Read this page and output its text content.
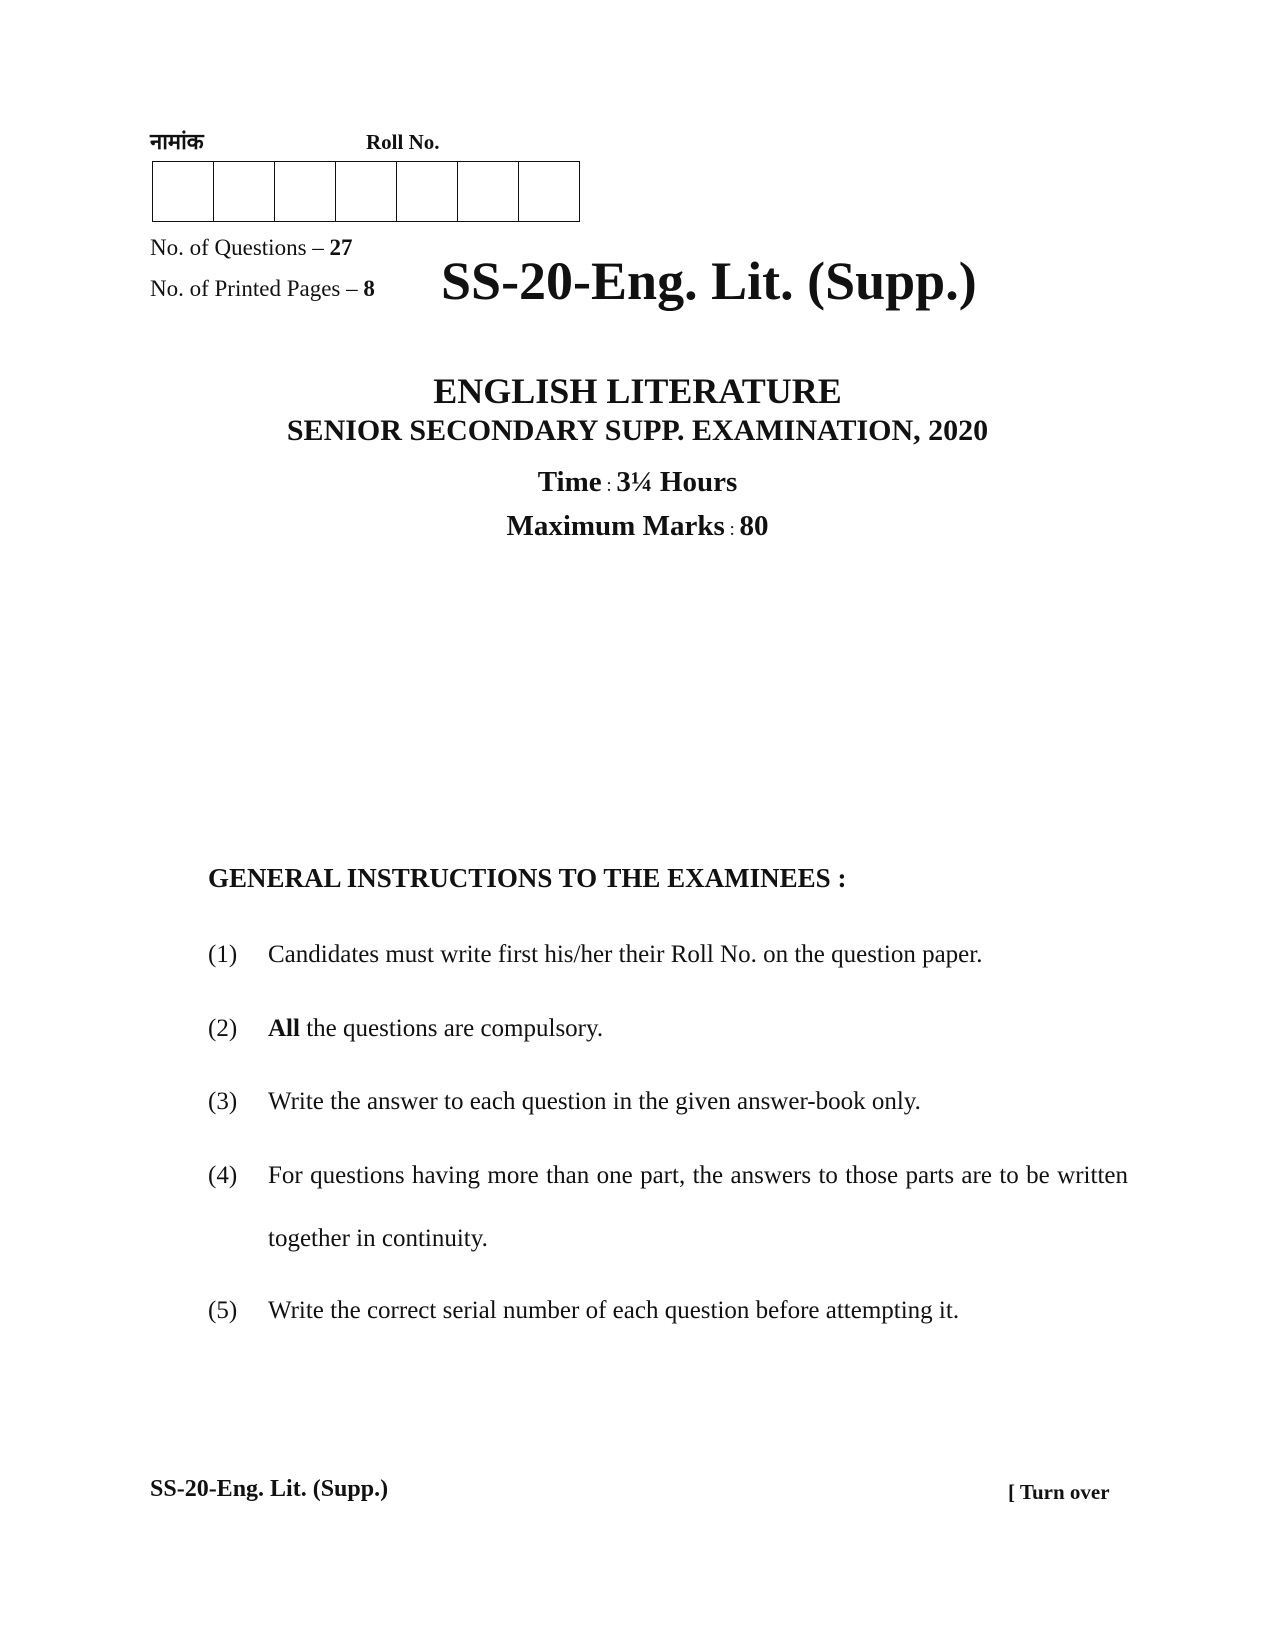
नामांक	Roll No.
No. of Questions – 27
No. of Printed Pages – 8 SS-20-Eng. Lit. (Supp.)
ENGLISH LITERATURE
SENIOR SECONDARY SUPP. EXAMINATION, 2020
Time : 3¼ Hours
Maximum Marks : 80
GENERAL INSTRUCTIONS TO THE EXAMINEES :
(1) Candidates must write first his/her their Roll No. on the question paper.
(2) All the questions are compulsory.
(3) Write the answer to each question in the given answer-book only.
(4) For questions having more than one part, the answers to those parts are to be written together in continuity.
(5) Write the correct serial number of each question before attempting it.
SS-20-Eng. Lit. (Supp.)	[ Turn over
